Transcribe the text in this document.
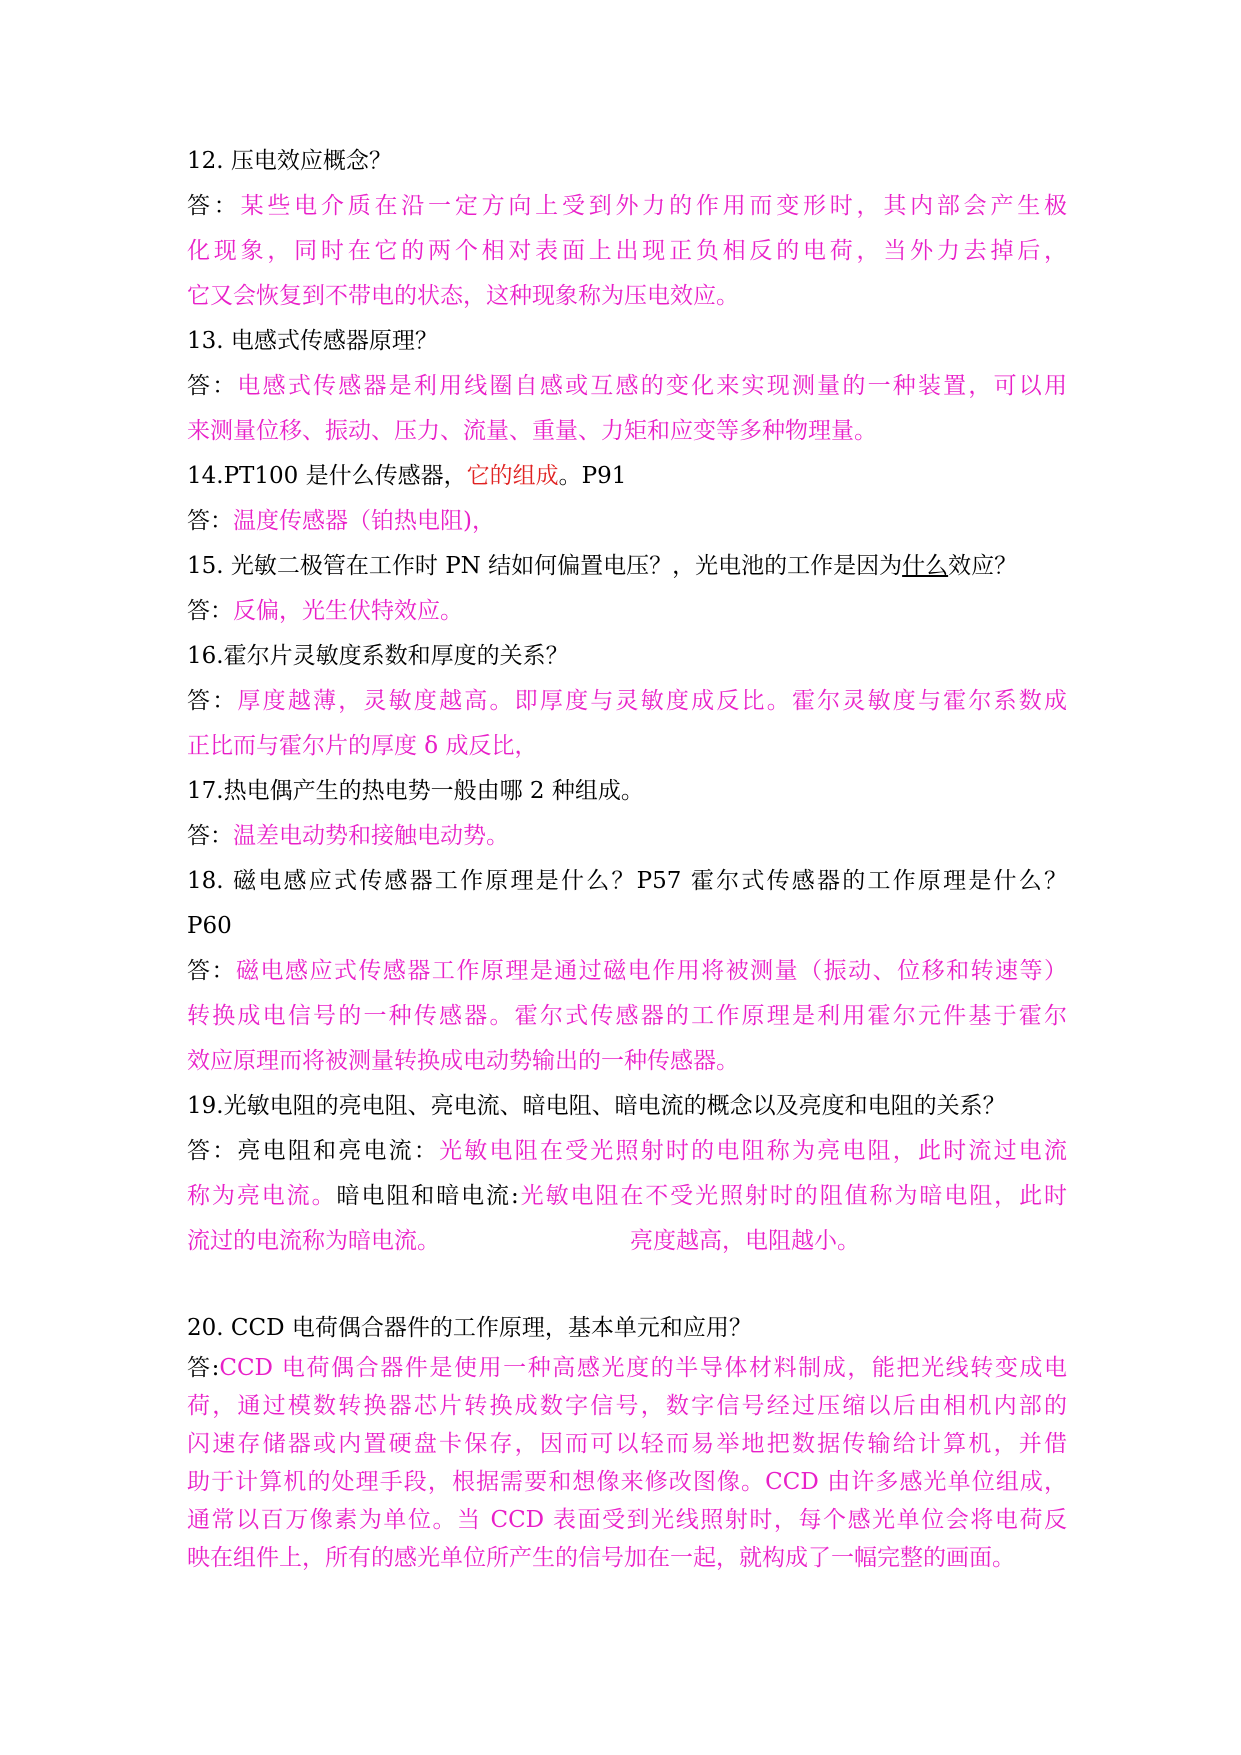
12. 压电效应概念？
答：某些电介质在沿一定方向上受到外力的作用而变形时，其内部会产生极
化现象，同时在它的两个相对表面上出现正负相反的电荷，当外力去掉后，
它又会恢复到不带电的状态，这种现象称为压电效应。
13. 电感式传感器原理？
答：电感式传感器是利用线圈自感或互感的变化来实现测量的一种装置，可以用
来测量位移、振动、压力、流量、重量、力矩和应变等多种物理量。
14.PT100 是什么传感器，它的组成。P91
答：温度传感器（铂热电阻)，
15. 光敏二极管在工作时 PN 结如何偏置电压？，光电池的工作是因为什么效应？
答：反偏，光生伏特效应。
16.霍尔片灵敏度系数和厚度的关系？
答：厚度越薄，灵敏度越高。即厚度与灵敏度成反比。霍尔灵敏度与霍尔系数成
正比而与霍尔片的厚度 δ 成反比，
17.热电偶产生的热电势一般由哪 2 种组成。
答：温差电动势和接触电动势。
18. 磁电感应式传感器工作原理是什么？P57 霍尔式传感器的工作原理是什么？
P60
答：磁电感应式传感器工作原理是通过磁电作用将被测量（振动、位移和转速等）
转换成电信号的一种传感器。霍尔式传感器的工作原理是利用霍尔元件基于霍尔
效应原理而将被测量转换成电动势输出的一种传感器。
19.光敏电阻的亮电阻、亮电流、暗电阻、暗电流的概念以及亮度和电阻的关系？
答：亮电阻和亮电流：光敏电阻在受光照射时的电阻称为亮电阻，此时流过电流
称为亮电流。暗电阻和暗电流:光敏电阻在不受光照射时的阻值称为暗电阻，此时
流过的电流称为暗电流。	亮度越高，电阻越小。
20. CCD 电荷偶合器件的工作原理，基本单元和应用？
答:CCD 电荷偶合器件是使用一种高感光度的半导体材料制成，能把光线转变成电
荷，通过模数转换器芯片转换成数字信号，数字信号经过压缩以后由相机内部的
闪速存储器或内置硬盘卡保存，因而可以轻而易举地把数据传输给计算机，并借
助于计算机的处理手段，根据需要和想像来修改图像。CCD 由许多感光单位组成，
通常以百万像素为单位。当 CCD 表面受到光线照射时，每个感光单位会将电荷反
映在组件上，所有的感光单位所产生的信号加在一起，就构成了一幅完整的画面。
